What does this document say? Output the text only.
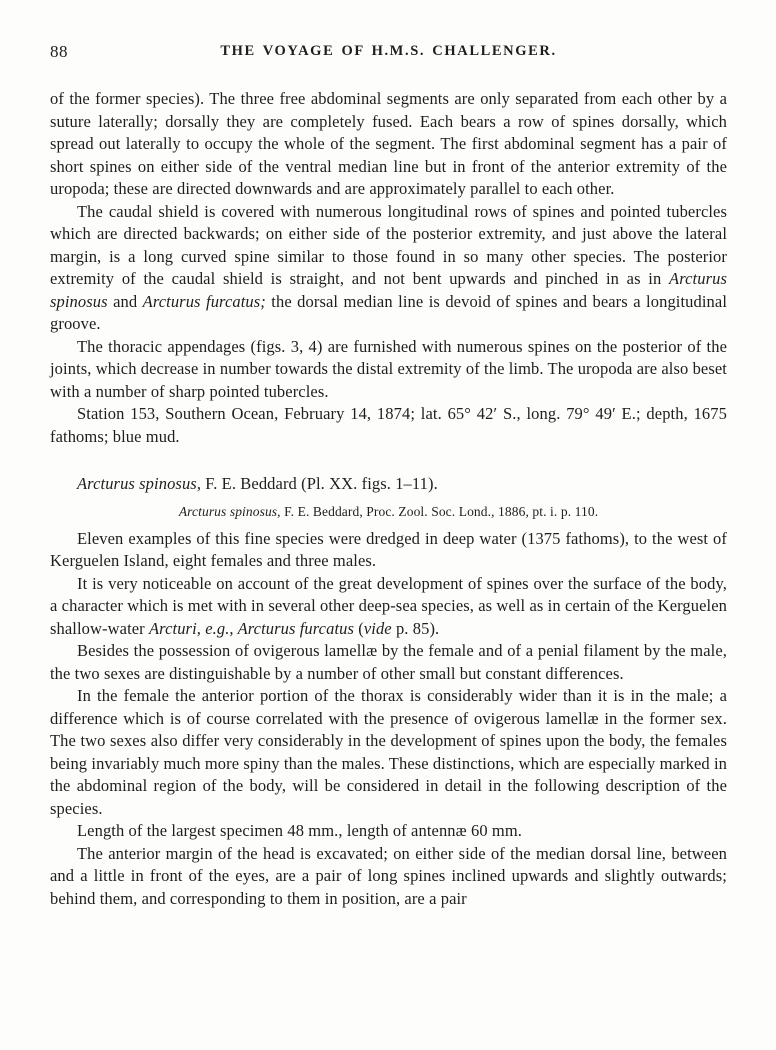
88	THE VOYAGE OF H.M.S. CHALLENGER.

of the former species). The three free abdominal segments are only separated from each other by a suture laterally; dorsally they are completely fused. Each bears a row of spines dorsally, which spread out laterally to occupy the whole of the segment. The first abdominal segment has a pair of short spines on either side of the ventral median line but in front of the anterior extremity of the uropoda; these are directed downwards and are approximately parallel to each other.

The caudal shield is covered with numerous longitudinal rows of spines and pointed tubercles which are directed backwards; on either side of the posterior extremity, and just above the lateral margin, is a long curved spine similar to those found in so many other species. The posterior extremity of the caudal shield is straight, and not bent upwards and pinched in as in Arcturus spinosus and Arcturus furcatus; the dorsal median line is devoid of spines and bears a longitudinal groove.

The thoracic appendages (figs. 3, 4) are furnished with numerous spines on the posterior of the joints, which decrease in number towards the distal extremity of the limb. The uropoda are also beset with a number of sharp pointed tubercles.

Station 153, Southern Ocean, February 14, 1874; lat. 65° 42′ S., long. 79° 49′ E.; depth, 1675 fathoms; blue mud.

Arcturus spinosus, F. E. Beddard (Pl. XX. figs. 1–11).

Arcturus spinosus, F. E. Beddard, Proc. Zool. Soc. Lond., 1886, pt. i. p. 110.

Eleven examples of this fine species were dredged in deep water (1375 fathoms), to the west of Kerguelen Island, eight females and three males.

It is very noticeable on account of the great development of spines over the surface of the body, a character which is met with in several other deep-sea species, as well as in certain of the Kerguelen shallow-water Arcturi, e.g., Arcturus furcatus (vide p. 85).

Besides the possession of ovigerous lamellæ by the female and of a penial filament by the male, the two sexes are distinguishable by a number of other small but constant differences.

In the female the anterior portion of the thorax is considerably wider than it is in the male; a difference which is of course correlated with the presence of ovigerous lamellæ in the former sex. The two sexes also differ very considerably in the development of spines upon the body, the females being invariably much more spiny than the males. These distinctions, which are especially marked in the abdominal region of the body, will be considered in detail in the following description of the species.

Length of the largest specimen 48 mm., length of antennæ 60 mm.

The anterior margin of the head is excavated; on either side of the median dorsal line, between and a little in front of the eyes, are a pair of long spines inclined upwards and slightly outwards; behind them, and corresponding to them in position, are a pair
